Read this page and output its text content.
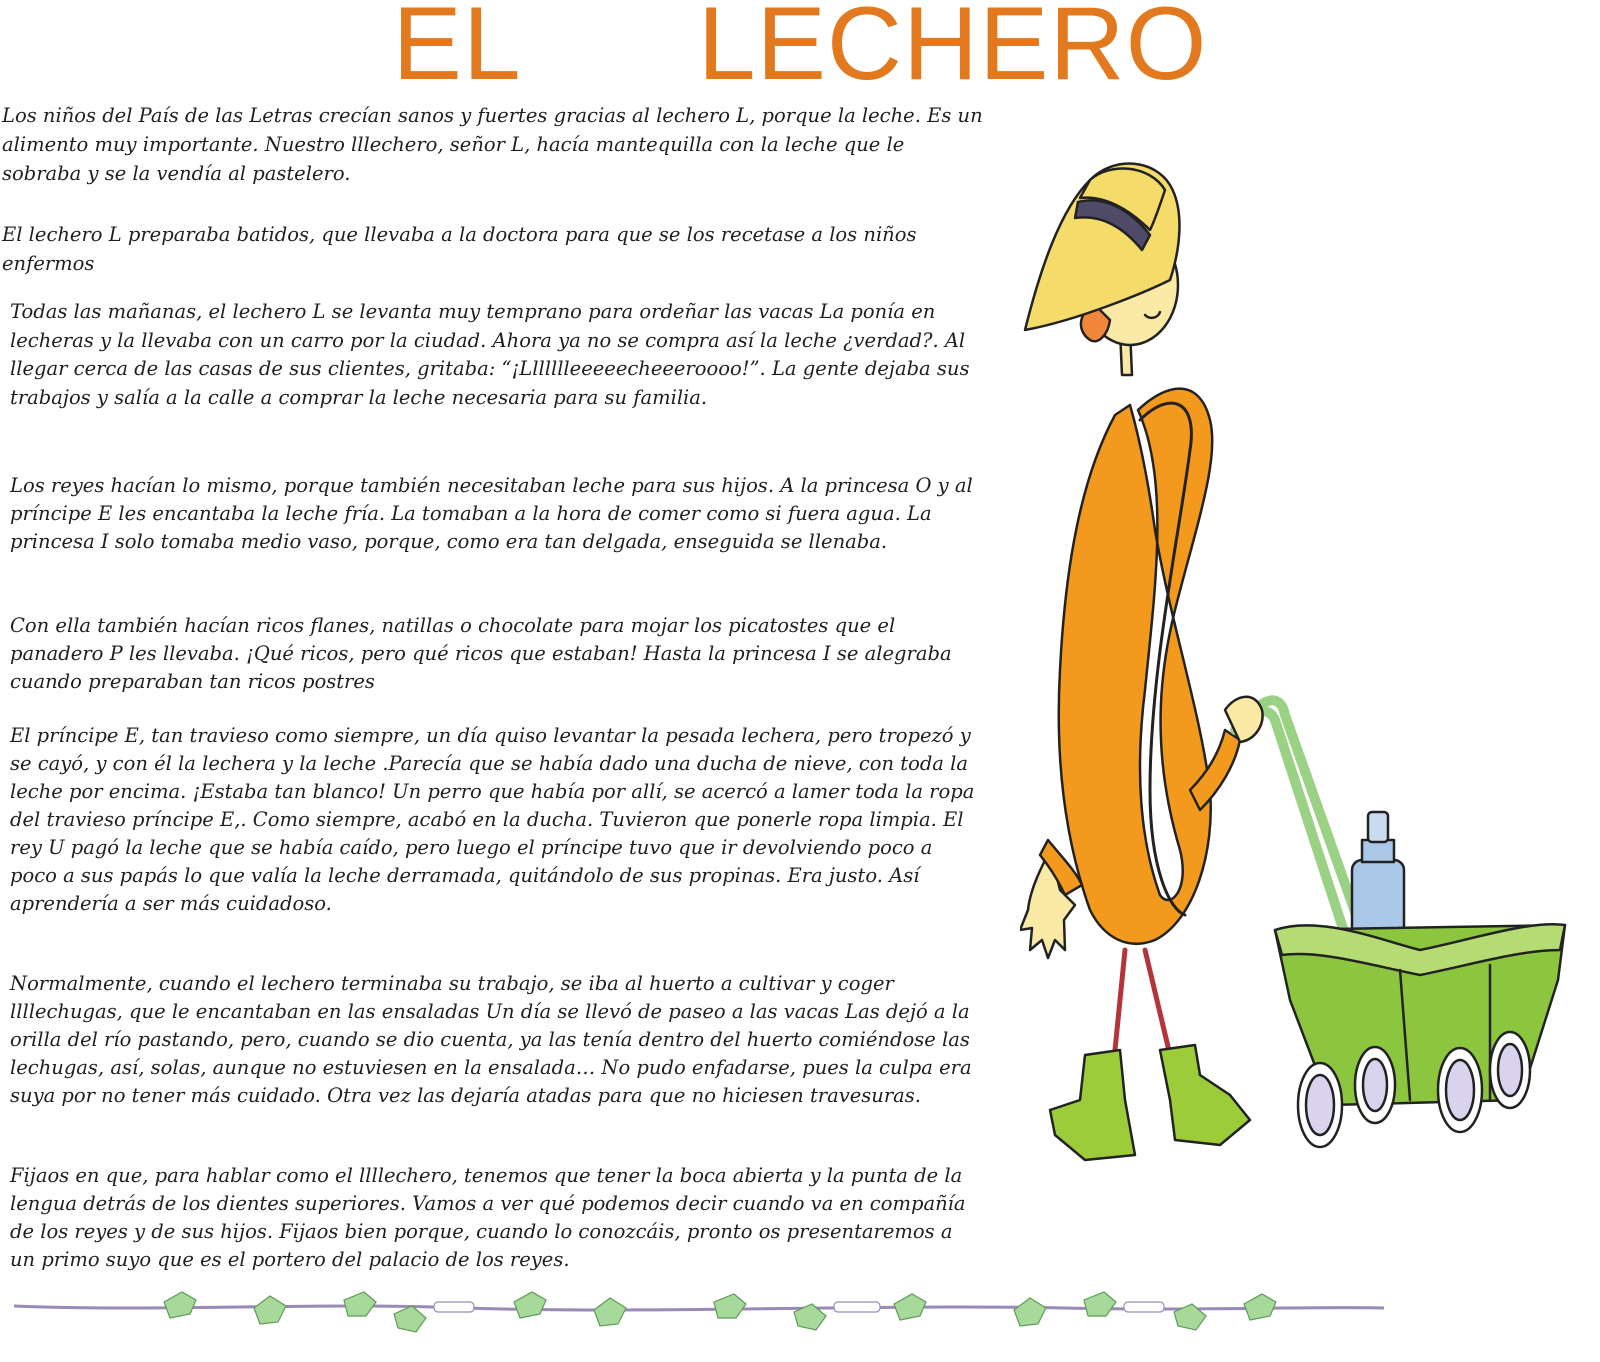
EL LECHERO

Los niños del País de las Letras crecían sanos y fuertes gracias al lechero L, porque la leche. Es un alimento muy importante. Nuestro lllechero, señor L, hacía mantequilla con la leche que le sobraba y se la vendía al pastelero.

El lechero L preparaba batidos, que llevaba a la doctora para que se los recetase a los niños enfermos

Todas las mañanas, el lechero L se levanta muy temprano para ordeñar las vacas La ponía en lecheras y la llevaba con un carro por la ciudad. Ahora ya no se compra así la leche ¿verdad?. Al llegar cerca de las casas de sus clientes, gritaba: “¡Llllllleeeeecheeeroooo!”. La gente dejaba sus trabajos y salía a la calle a comprar la leche necesaria para su familia.

Los reyes hacían lo mismo, porque también necesitaban leche para sus hijos. A la princesa O y al príncipe E les encantaba la leche fría. La tomaban a la hora de comer como si fuera agua. La princesa I solo tomaba medio vaso, porque, como era tan delgada, enseguida se llenaba.

Con ella también hacían ricos flanes, natillas o chocolate para mojar los picatostes que el panadero P les llevaba. ¡Qué ricos, pero qué ricos que estaban! Hasta la princesa I se alegraba cuando preparaban tan ricos postres

El príncipe E, tan travieso como siempre, un día quiso levantar la pesada lechera, pero tropezó y se cayó, y con él la lechera y la leche .Parecía que se había dado una ducha de nieve, con toda la leche por encima. ¡Estaba tan blanco! Un perro que había por allí, se acercó a lamer toda la ropa del travieso príncipe E,. Como siempre, acabó en la ducha. Tuvieron que ponerle ropa limpia. El rey U pagó la leche que se había caído, pero luego el príncipe tuvo que ir devolviendo poco a poco a sus papás lo que valía la leche derramada, quitándolo de sus propinas. Era justo. Así aprendería a ser más cuidadoso.

Normalmente, cuando el lechero terminaba su trabajo, se iba al huerto a cultivar y coger llllechugas, que le encantaban en las ensaladas Un día se llevó de paseo a las vacas Las dejó a la orilla del río pastando, pero, cuando se dio cuenta, ya las tenía dentro del huerto comiéndose las lechugas, así, solas, aunque no estuviesen en la ensalada… No pudo enfadarse, pues la culpa era suya por no tener más cuidado. Otra vez las dejaría atadas para que no hiciesen travesuras.

Fijaos en que, para hablar como el llllechero, tenemos que tener la boca abierta y la punta de la lengua detrás de los dientes superiores. Vamos a ver qué podemos decir cuando va en compañía de los reyes y de sus hijos. Fijaos bien porque, cuando lo conozcáis, pronto os presentaremos a un primo suyo que es el portero del palacio de los reyes.
